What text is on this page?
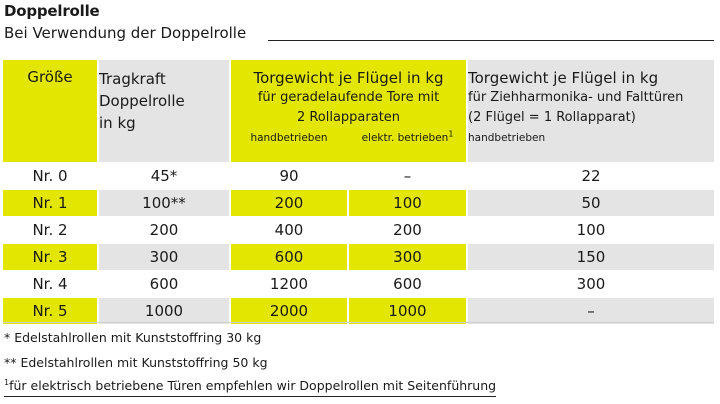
Doppelrolle
Bei Verwendung der Doppelrolle
Größe Tragkraft
Doppelrolle
in kg
Torgewicht je Flügel in kg
für geradelaufende Tore mit
2 Rollapparaten
handbetrieben	elektr. betrieben$^1$
Torgewicht je Flügel in kg
für Ziehharmonika- und Falttüren
(2 Flügel = 1 Rollapparat)
handbetrieben
Nr. 0	45*	90	–	22
Nr. 1	100**	200	100	50
Nr. 2	200	400	200	100
Nr. 3	300	600	300	150
Nr. 4	600	1200	600	300
Nr. 5	1000	2000	1000	–
* Edelstahlrollen mit Kunststoffring 30 kg
** Edelstahlrollen mit Kunststoffring 50 kg
$^1$für elektrisch betriebene Türen empfehlen wir Doppelrollen mit Seitenführung
